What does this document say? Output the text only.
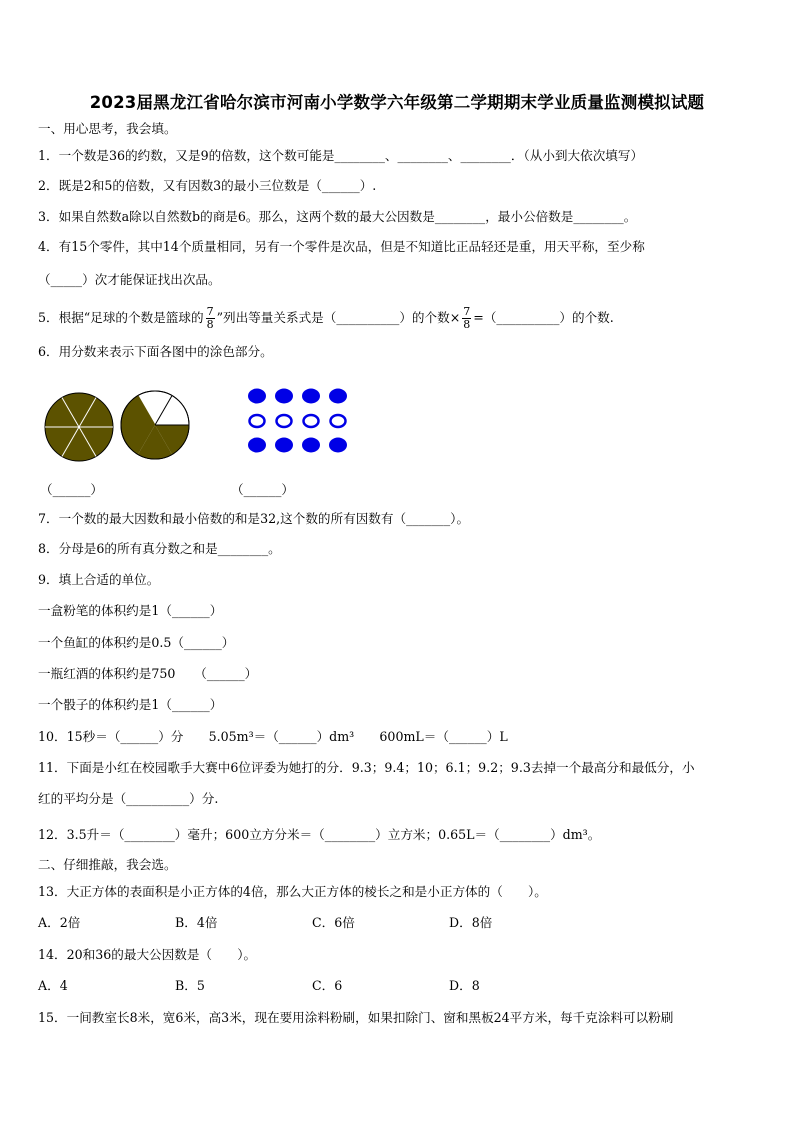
2023届黑龙江省哈尔滨市河南小学数学六年级第二学期期末学业质量监测模拟试题
一、用心思考，我会填。
1．一个数是36的约数，又是9的倍数，这个数可能是________、________、________．（从小到大依次填写）
2．既是2和5的倍数，又有因数3的最小三位数是（______）.
3．如果自然数a除以自然数b的商是6。那么，这两个数的最大公因数是________，最小公倍数是________。
4．有15个零件，其中14个质量相同，另有一个零件是次品，但是不知道比正品轻还是重，用天平称，至少称
（_____）次才能保证找出次品。
5．根据“足球的个数是篮球的 $\frac{7}{8}$ ”列出等量关系式是（__________）的个数× $\frac{7}{8}$ =（__________）的个数.
6．用分数来表示下面各图中的涂色部分。
（______）	（______）
7．一个数的最大因数和最小倍数的和是32,这个数的所有因数有（_______）。
8．分母是6的所有真分数之和是________。
9．填上合适的单位。
一盒粉笔的体积约是1（______）
一个鱼缸的体积约是0.5（______）
一瓶红酒的体积约是750　　（______）
一个骰子的体积约是1（______）
10．15秒＝（______）分　　5.05m³＝（______）dm³　　600mL＝（______）L
11．下面是小红在校园歌手大赛中6位评委为她打的分．9.3；9.4；10；6.1；9.2；9.3去掉一个最高分和最低分，小
红的平均分是（__________）分.
12．3.5升＝（________）毫升；600立方分米＝（________）立方米；0.65L＝（________）dm³。
二、仔细推敲，我会选。
13．大正方体的表面积是小正方体的4倍，那么大正方体的棱长之和是小正方体的（　　）。
A．2倍	B．4倍	C．6倍	D．8倍
14．20和36的最大公因数是（　　）。
A．4	B．5	C．6	D．8
15．一间教室长8米，宽6米，高3米，现在要用涂料粉刷，如果扣除门、窗和黑板24平方米，每千克涂料可以粉刷
